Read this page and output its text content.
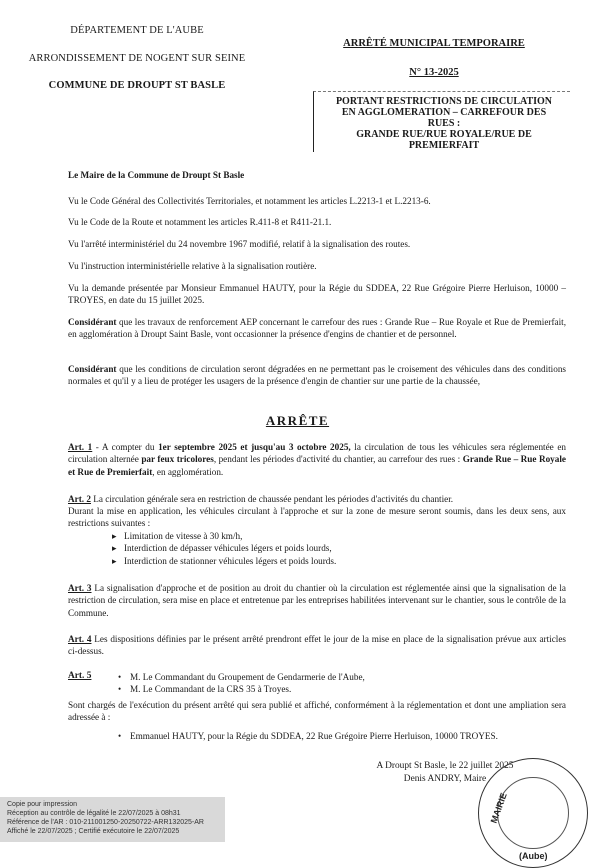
DÉPARTEMENT DE L'AUBE
ARRONDISSEMENT DE NOGENT SUR SEINE
COMMUNE DE DROUPT ST BASLE
ARRÊTÉ MUNICIPAL TEMPORAIRE
N° 13-2025
PORTANT RESTRICTIONS DE CIRCULATION
EN AGGLOMERATION – CARREFOUR DES
RUES :
GRANDE RUE/RUE ROYALE/RUE DE
PREMIERFAIT
Le Maire de la Commune de Droupt St Basle
Vu le Code Général des Collectivités Territoriales, et notamment les articles L.2213-1 et L.2213-6.
Vu le Code de la Route et notamment les articles R.411-8 et R411-21.1.
Vu l'arrêté interministériel du 24 novembre 1967 modifié, relatif à la signalisation des routes.
Vu l'instruction interministérielle relative à la signalisation routière.
Vu la demande présentée par Monsieur Emmanuel HAUTY, pour la Régie du SDDEA, 22 Rue Grégoire Pierre Herluison, 10000 – TROYES, en date du 15 juillet 2025.
Considérant que les travaux de renforcement AEP concernant le carrefour des rues : Grande Rue – Rue Royale et Rue de Premierfait, en agglomération à Droupt Saint Basle, vont occasionner la présence d'engins de chantier et de personnel.
Considérant que les conditions de circulation seront dégradées en ne permettant pas le croisement des véhicules dans des conditions normales et qu'il y a lieu de protéger les usagers de la présence d'engin de chantier sur une partie de la chaussée,
ARRÊTE
Art. 1 - A compter du 1er septembre 2025 et jusqu'au 3 octobre 2025, la circulation de tous les véhicules sera réglementée en circulation alternée par feux tricolores, pendant les périodes d'activité du chantier, au carrefour des rues : Grande Rue – Rue Royale et Rue de Premierfait, en agglomération.
Art. 2 La circulation générale sera en restriction de chaussée pendant les périodes d'activités du chantier.
Durant la mise en application, les véhicules circulant à l'approche et sur la zone de mesure seront soumis, dans les deux sens, aux restrictions suivantes :
▸ Limitation de vitesse à 30 km/h,
▸ Interdiction de dépasser véhicules légers et poids lourds,
▸ Interdiction de stationner véhicules légers et poids lourds.
Art. 3 La signalisation d'approche et de position au droit du chantier où la circulation est réglementée ainsi que la signalisation de la restriction de circulation, sera mise en place et entretenue par les entreprises habilitées intervenant sur le chantier, sous le contrôle de la Commune.
Art. 4 Les dispositions définies par le présent arrêté prendront effet le jour de la mise en place de la signalisation prévue aux articles ci-dessus.
Art. 5
•	M. Le Commandant du Groupement de Gendarmerie de l'Aube,
• M. Le Commandant de la CRS 35 à Troyes.
Sont chargés de l'exécution du présent arrêté qui sera publié et affiché, conformément à la réglementation et dont une ampliation sera adressée à :
• Emmanuel HAUTY, pour la Régie du SDDEA, 22 Rue Grégoire Pierre Herluison, 10000 TROYES.
A Droupt St Basle, le 22 juillet 2025
Denis ANDRY, Maire
MAIRIE
(Aube)
Copie pour impression
Réception au contrôle de légalité le 22/07/2025 à 08h31
Référence de l'AR : 010-211001250-20250722-ARR132025-AR
Affiché le 22/07/2025 ; Certifié exécutoire le 22/07/2025
